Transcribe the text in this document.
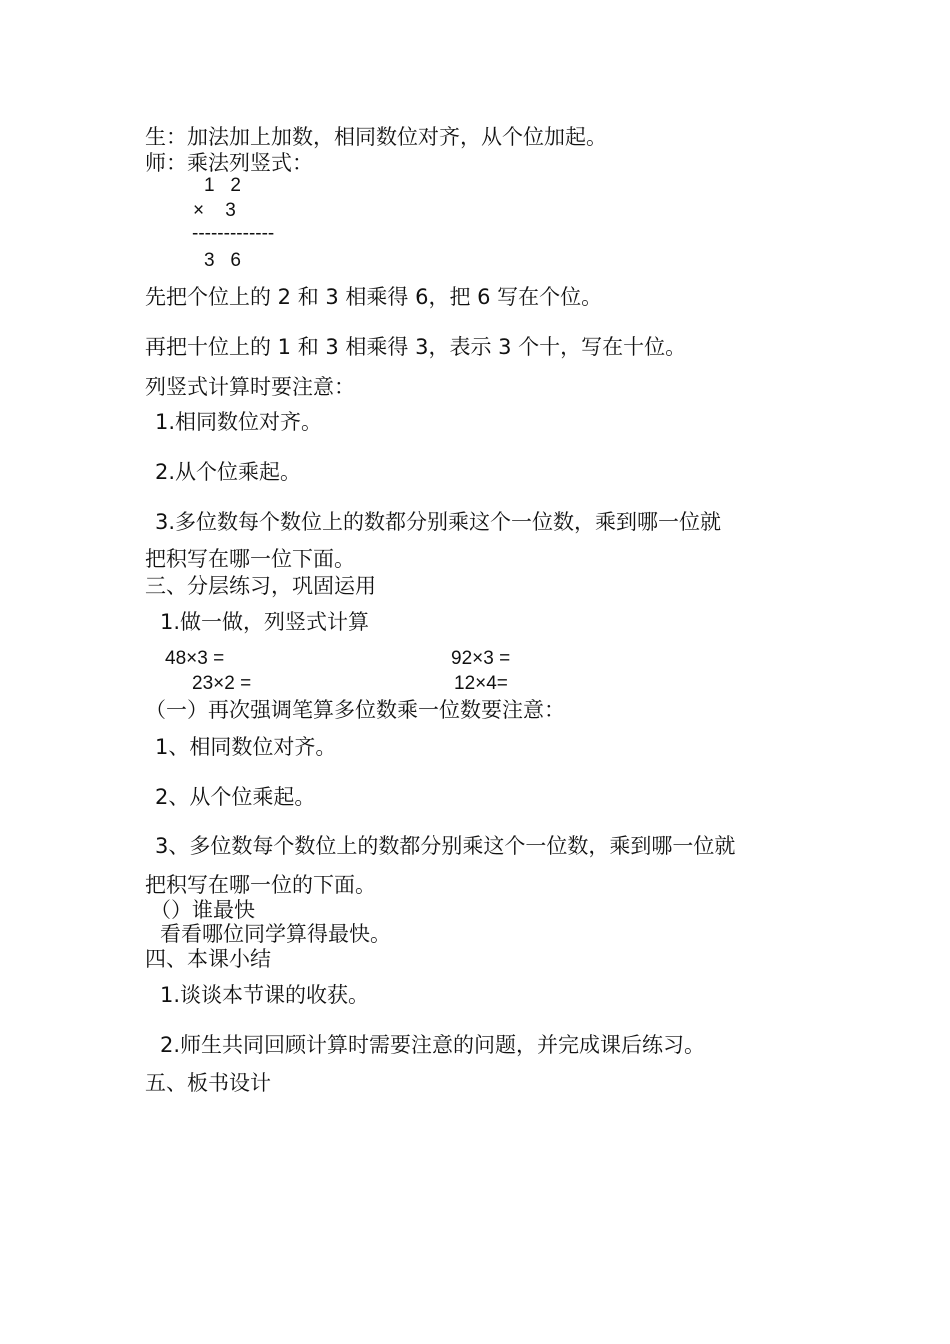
生：加法加上加数，相同数位对齐，从个位加起。
师：乘法列竖式：
1   2
×    3
-------------
3   6
先把个位上的 2 和 3 相乘得 6，把 6 写在个位。
再把十位上的 1 和 3 相乘得 3，表示 3 个十，写在十位。
列竖式计算时要注意：
1.相同数位对齐。
2.从个位乘起。
3.多位数每个数位上的数都分别乘这个一位数，乘到哪一位就
把积写在哪一位下面。
三、分层练习，巩固运用
1.做一做，列竖式计算
48×3 =	92×3 =
23×2 =	12×4=
（一）再次强调笔算多位数乘一位数要注意：
1、相同数位对齐。
2、从个位乘起。
3、多位数每个数位上的数都分别乘这个一位数，乘到哪一位就
把积写在哪一位的下面。
（）谁最快
看看哪位同学算得最快。
四、本课小结
1.谈谈本节课的收获。
2.师生共同回顾计算时需要注意的问题，并完成课后练习。
五、板书设计
